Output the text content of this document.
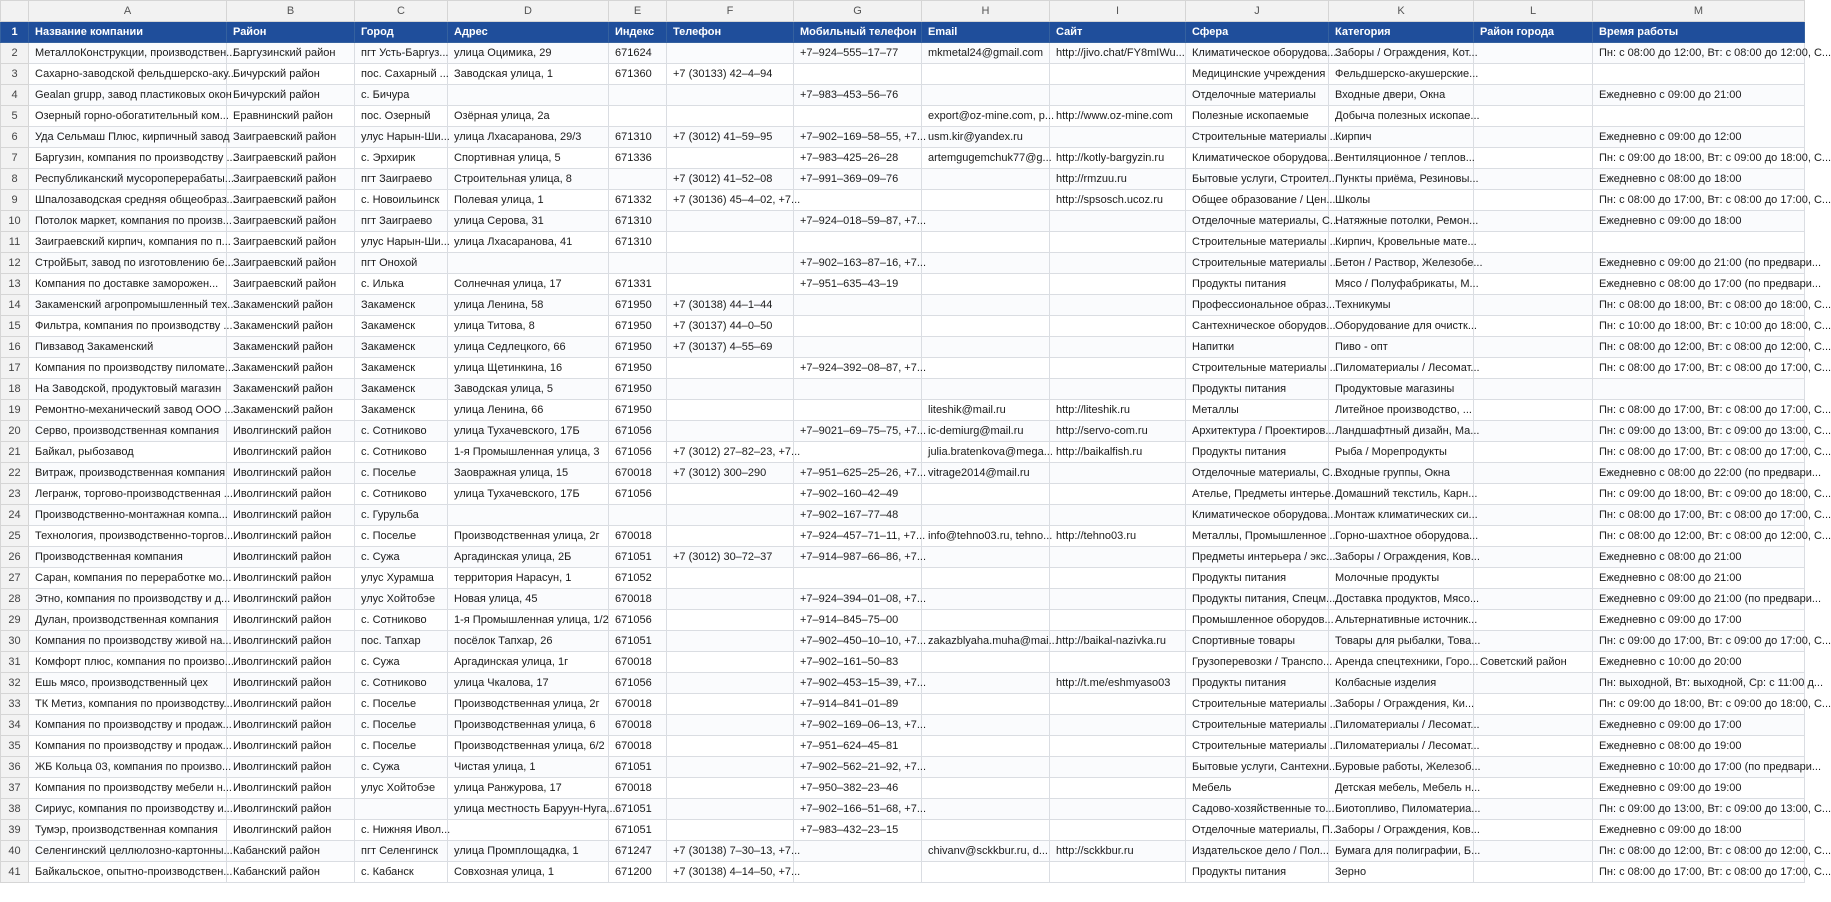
	A	B	C	D	E	F	G	H	I	J	K	L	M
1	Название компании	Район	Город	Адрес	Индекс	Телефон	Мобильный телефон	Email	Сайт	Сфера	Категория	Район города	Время работы
2	МеталлоКонструкции, производствен...	Баргузинский район	пгт Усть-Баргуз...	улица Оцимика, 29	671624		+7‒924‒555‒17‒77	mkmetal24@gmail.com	http://jivo.chat/FY8mIWu...	Климатическое оборудова...	Заборы / Ограждения, Кот...		Пн: с 08:00 до 12:00, Вт: с 08:00 до 12:00, С...
3	Сахарно-заводской фельдшерско-аку...	Бичурский район	пос. Сахарный ...	Заводская улица, 1	671360	+7 (30133) 42‒4‒94				Медицинские учреждения	Фельдшерско-акушерские...		
4	Gealan grupp, завод пластиковых окон	Бичурский район	с. Бичура				+7‒983‒453‒56‒76			Отделочные материалы	Входные двери, Окна		Ежедневно с 09:00 до 21:00
5	Озерный горно-обогатительный ком...	Еравнинский район	пос. Озерный	Озёрная улица, 2а				export@oz-mine.com, p...	http://www.oz-mine.com	Полезные ископаемые	Добыча полезных ископае...		
6	Уда Сельмаш Плюс, кирпичный завод	Заиграевский район	улус Нарын-Ши...	улица Лхасаранова, 29/3	671310	+7 (3012) 41‒59‒95	+7‒902‒169‒58‒55, +7...	usm.kir@yandex.ru		Строительные материалы ...	Кирпич		Ежедневно с 09:00 до 12:00
7	Баргузин, компания по производству ...	Заиграевский район	с. Эрхирик	Спортивная улица, 5	671336		+7‒983‒425‒26‒28	artemgugemchuk77@g...	http://kotly-bargyzin.ru	Климатическое оборудова...	Вентиляционное / теплов...		Пн: с 09:00 до 18:00, Вт: с 09:00 до 18:00, С...
8	Республиканский мусороперерабаты...	Заиграевский район	пгт Заиграево	Строительная улица, 8		+7 (3012) 41‒52‒08	+7‒991‒369‒09‒76		http://rmzuu.ru	Бытовые услуги, Строител...	Пункты приёма, Резиновы...		Ежедневно с 08:00 до 18:00
9	Шпалозаводская средняя общеобраз...	Заиграевский район	с. Новоильинск	Полевая улица, 1	671332	+7 (30136) 45‒4‒02, +7...			http://spsosch.ucoz.ru	Общее образование / Цен...	Школы		Пн: с 08:00 до 17:00, Вт: с 08:00 до 17:00, С...
10	Потолок маркет, компания по произв...	Заиграевский район	пгт Заиграево	улица Серова, 31	671310		+7‒924‒018‒59‒87, +7...			Отделочные материалы, С...	Натяжные потолки, Ремон...		Ежедневно с 09:00 до 18:00
11	Заиграевский кирпич, компания по п...	Заиграевский район	улус Нарын-Ши...	улица Лхасаранова, 41	671310					Строительные материалы ...	Кирпич, Кровельные мате...		
12	СтройБыт, завод по изготовлению бе...	Заиграевский район	пгт Онохой				+7‒902‒163‒87‒16, +7...			Строительные материалы ...	Бетон / Раствор, Железобе...		Ежедневно с 09:00 до 21:00 (по предвари...
13	Компания по доставке заморожен...	Заиграевский район	с. Илька	Солнечная улица, 17	671331		+7‒951‒635‒43‒19			Продукты питания	Мясо / Полуфабрикаты, М...		Ежедневно с 08:00 до 17:00 (по предвари...
14	Закаменский агропромышленный тех...	Закаменский район	Закаменск	улица Ленина, 58	671950	+7 (30138) 44‒1‒44				Профессиональное образ...	Техникумы		Пн: с 08:00 до 18:00, Вт: с 08:00 до 18:00, С...
15	Фильтра, компания по производству ...	Закаменский район	Закаменск	улица Титова, 8	671950	+7 (30137) 44‒0‒50				Сантехническое оборудов...	Оборудование для очистк...		Пн: с 10:00 до 18:00, Вт: с 10:00 до 18:00, С...
16	Пивзавод Закаменский	Закаменский район	Закаменск	улица Седлецкого, 66	671950	+7 (30137) 4‒55‒69				Напитки	Пиво - опт		Пн: с 08:00 до 12:00, Вт: с 08:00 до 12:00, С...
17	Компания по производству пиломате...	Закаменский район	Закаменск	улица Щетинкина, 16	671950		+7‒924‒392‒08‒87, +7...			Строительные материалы ...	Пиломатериалы / Лесомат...		Пн: с 08:00 до 17:00, Вт: с 08:00 до 17:00, С...
18	На Заводской, продуктовый магазин	Закаменский район	Закаменск	Заводская улица, 5	671950					Продукты питания	Продуктовые магазины		
19	Ремонтно-механический завод ООО ...	Закаменский район	Закаменск	улица Ленина, 66	671950			liteshik@mail.ru	http://liteshik.ru	Металлы	Литейное производство, ...		Пн: с 08:00 до 17:00, Вт: с 08:00 до 17:00, С...
20	Серво, производственная компания	Иволгинский район	с. Сотниково	улица Тухачевского, 17Б	671056		+7‒9021‒69‒75‒75, +7...	ic-demiurg@mail.ru	http://servo-com.ru	Архитектура / Проектиров...	Ландшафтный дизайн, Ма...		Пн: с 09:00 до 13:00, Вт: с 09:00 до 13:00, С...
21	Байкал, рыбозавод	Иволгинский район	с. Сотниково	1-я Промышленная улица, 3	671056	+7 (3012) 27‒82‒23, +7...		julia.bratenkova@mega...	http://baikalfish.ru	Продукты питания	Рыба / Морепродукты		Пн: с 08:00 до 17:00, Вт: с 08:00 до 17:00, С...
22	Витраж, производственная компания	Иволгинский район	с. Поселье	Заовражная улица, 15	670018	+7 (3012) 300‒290	+7‒951‒625‒25‒26, +7...	vitrage2014@mail.ru		Отделочные материалы, С...	Входные группы, Окна		Ежедневно с 08:00 до 22:00 (по предвари...
23	Легранж, торгово-производственная ...	Иволгинский район	с. Сотниково	улица Тухачевского, 17Б	671056		+7‒902‒160‒42‒49			Ателье, Предметы интерье...	Домашний текстиль, Карн...		Пн: с 09:00 до 18:00, Вт: с 09:00 до 18:00, С...
24	Производственно-монтажная компа...	Иволгинский район	с. Гурульба				+7‒902‒167‒77‒48			Климатическое оборудова...	Монтаж климатических си...		Пн: с 08:00 до 17:00, Вт: с 08:00 до 17:00, С...
25	Технология, производственно-торгов...	Иволгинский район	с. Поселье	Производственная улица, 2г	670018		+7‒924‒457‒71‒11, +7...	info@tehno03.ru, tehno...	http://tehno03.ru	Металлы, Промышленное ...	Горно-шахтное оборудова...		Пн: с 08:00 до 12:00, Вт: с 08:00 до 12:00, С...
26	Производственная компания	Иволгинский район	с. Сужа	Аргадинская улица, 2Б	671051	+7 (3012) 30‒72‒37	+7‒914‒987‒66‒86, +7...			Предметы интерьера / экс...	Заборы / Ограждения, Ков...		Ежедневно с 08:00 до 21:00
27	Саран, компания по переработке мо...	Иволгинский район	улус Хурамша	территория Нарасун, 1	671052					Продукты питания	Молочные продукты		Ежедневно с 08:00 до 21:00
28	Этно, компания по производству и д...	Иволгинский район	улус Хойтобэе	Новая улица, 45	670018		+7‒924‒394‒01‒08, +7...			Продукты питания, Спецм...	Доставка продуктов, Мясо...		Ежедневно с 09:00 до 21:00 (по предвари...
29	Дулан, производственная компания	Иволгинский район	с. Сотниково	1-я Промышленная улица, 1/2	671056		+7‒914‒845‒75‒00			Промышленное оборудов...	Альтернативные источник...		Ежедневно с 09:00 до 17:00
30	Компания по производству живой на...	Иволгинский район	пос. Тапхар	посёлок Тапхар, 26	671051		+7‒902‒450‒10‒10, +7...	zakazblyaha.muha@mai...	http://baikal-nazivka.ru	Спортивные товары	Товары для рыбалки, Това...		Пн: с 09:00 до 17:00, Вт: с 09:00 до 17:00, С...
31	Комфорт плюс, компания по произво...	Иволгинский район	с. Сужа	Аргадинская улица, 1г	670018		+7‒902‒161‒50‒83			Грузоперевозки / Транспо...	Аренда спецтехники, Горо...	Советский район	Ежедневно с 10:00 до 20:00
32	Ешь мясо, производственный цех	Иволгинский район	с. Сотниково	улица Чкалова, 17	671056		+7‒902‒453‒15‒39, +7...		http://t.me/eshmyaso03	Продукты питания	Колбасные изделия		Пн: выходной, Вт: выходной, Ср: с 11:00 д...
33	ТК Метиз, компания по производству...	Иволгинский район	с. Поселье	Производственная улица, 2г	670018		+7‒914‒841‒01‒89			Строительные материалы ...	Заборы / Ограждения, Ки...		Пн: с 09:00 до 18:00, Вт: с 09:00 до 18:00, С...
34	Компания по производству и продаж...	Иволгинский район	с. Поселье	Производственная улица, 6	670018		+7‒902‒169‒06‒13, +7...			Строительные материалы ...	Пиломатериалы / Лесомат...		Ежедневно с 09:00 до 17:00
35	Компания по производству и продаж...	Иволгинский район	с. Поселье	Производственная улица, 6/2	670018		+7‒951‒624‒45‒81			Строительные материалы ...	Пиломатериалы / Лесомат...		Ежедневно с 08:00 до 19:00
36	ЖБ Кольца 03, компания по произво...	Иволгинский район	с. Сужа	Чистая улица, 1	671051		+7‒902‒562‒21‒92, +7...			Бытовые услуги, Сантехни...	Буровые работы, Железоб...		Ежедневно с 10:00 до 17:00 (по предвари...
37	Компания по производству мебели н...	Иволгинский район	улус Хойтобэе	улица Ранжурова, 17	670018		+7‒950‒382‒23‒46			Мебель	Детская мебель, Мебель н...		Ежедневно с 09:00 до 19:00
38	Сириус, компания по производству и...	Иволгинский район		улица местность Баруун-Нуга,...	671051		+7‒902‒166‒51‒68, +7...			Садово-хозяйственные то...	Биотопливо, Пиломатериа...		Пн: с 09:00 до 13:00, Вт: с 09:00 до 13:00, С...
39	Тумэр, производственная компания	Иволгинский район	с. Нижняя Ивол...		671051		+7‒983‒432‒23‒15			Отделочные материалы, П...	Заборы / Ограждения, Ков...		Ежедневно с 09:00 до 18:00
40	Селенгинский целлюлозно-картонны...	Кабанский район	пгт Селенгинск	улица Промплощадка, 1	671247	+7 (30138) 7‒30‒13, +7...		chivanv@sckkbur.ru, d...	http://sckkbur.ru	Издательское дело / Пол...	Бумага для полиграфии, Б...		Пн: с 08:00 до 12:00, Вт: с 08:00 до 12:00, С...
41	Байкальское, опытно-производствен...	Кабанский район	с. Кабанск	Совхозная улица, 1	671200	+7 (30138) 4‒14‒50, +7...				Продукты питания	Зерно		Пн: с 08:00 до 17:00, Вт: с 08:00 до 17:00, С...
